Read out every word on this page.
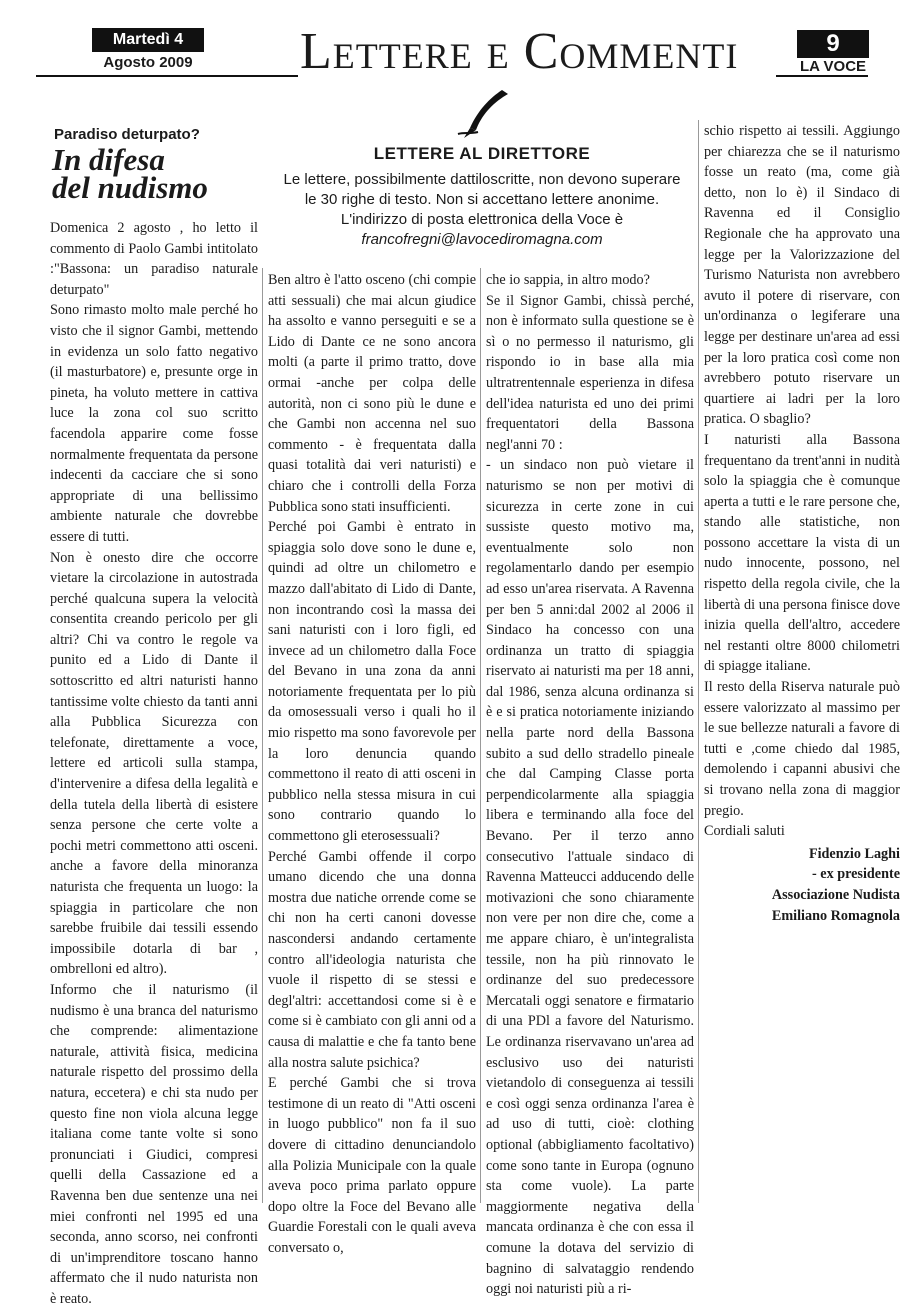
Martedì 4
Agosto 2009 Lettere e Commenti	9
LA VOCE
LETTERE AL DIRETTORE
Le lettere, possibilmente dattiloscritte, non devono superare
le 30 righe di testo. Non si accettano lettere anonime.
L'indirizzo di posta elettronica della Voce è
francofregni@lavocediromagna.com
Paradiso deturpato?
In difesa
del nudismo

Domenica 2 agosto , ho letto il commento di Paolo Gambi intitolato :"Bassona: un paradiso naturale deturpato"

Sono rimasto molto male perché ho visto che il signor Gambi, mettendo in evidenza un solo fatto negativo (il masturbatore) e, presunte orge in pineta, ha voluto mettere in cattiva luce la zona col suo scritto facendola apparire come fosse normalmente frequentata da persone indecenti da cacciare che si sono appropriate di una bellissimo ambiente naturale che dovrebbe essere di tutti.

Non è onesto dire che occorre vietare la circolazione in autostrada perché qualcuna supera la velocità consentita creando pericolo per gli altri? Chi va contro le regole va punito ed a Lido di Dante il sottoscritto ed altri naturisti hanno tantissime volte chiesto da tanti anni alla Pubblica Sicurezza con telefonate, direttamente a voce, lettere ed articoli sulla stampa, d'intervenire a difesa della legalità e della tutela della libertà di esistere senza persone che certe volte a pochi metri commettono atti osceni. anche a favore della minoranza naturista che frequenta un luogo: la spiaggia in particolare che non sarebbe fruibile dai tessili essendo impossibile dotarla di bar , ombrelloni ed altro).

Informo che il naturismo (il nudismo è una branca del naturismo che comprende: alimentazione naturale, attività fisica, medicina naturale rispetto del prossimo della natura, eccetera) e chi sta nudo per questo fine non viola alcuna legge italiana come tante volte si sono pronunciati i Giudici, compresi quelli della Cassazione ed a Ravenna ben due sentenze una nei miei confronti nel 1995 ed una seconda, anno scorso, nei confronti di un'imprenditore toscano hanno affermato che il nudo naturista non è reato.

Ben altro è l'atto osceno (chi compie atti sessuali) che mai alcun giudice ha assolto e vanno perseguiti e se a Lido di Dante ce ne sono ancora molti (a parte il primo tratto, dove ormai -anche per colpa delle autorità, non ci sono più le dune e che Gambi non accenna nel suo commento - è frequentata dalla quasi totalità dai veri naturisti) e chiaro che i controlli della Forza Pubblica sono stati insufficienti.

Perché poi Gambi è entrato in spiaggia solo dove sono le dune e, quindi ad oltre un chilometro e mazzo dall'abitato di Lido di Dante, non incontrando così la massa dei sani naturisti con i loro figli, ed invece ad un chilometro dalla Foce del Bevano in una zona da anni notoriamente frequentata per lo più da omosessuali verso i quali ho il mio rispetto ma sono favorevole per la loro denuncia quando commettono il reato di atti osceni in pubblico nella stessa misura in cui sono contrario quando lo commettono gli eterosessuali?

Perché Gambi offende il corpo umano dicendo che una donna mostra due natiche orrende come se chi non ha certi canoni dovesse nascondersi andando certamente contro all'ideologia naturista che vuole il rispetto di se stessi e degl'altri: accettandosi come si è e come si è cambiato con gli anni od a causa di malattie e che fa tanto bene alla nostra salute psichica?

E perché Gambi che si trova testimone di un reato di "Atti osceni in luogo pubblico" non fa il suo dovere di cittadino denunciandolo alla Polizia Municipale con la quale aveva poco prima parlato oppure dopo oltre la Foce del Bevano alle Guardie Forestali con le quali aveva conversato o,

che io sappia, in altro modo?

Se il Signor Gambi, chissà perché, non è informato sulla questione se è sì o no permesso il naturismo, gli rispondo io in base alla mia ultratrentennale esperienza in difesa dell'idea naturista ed uno dei primi frequentatori della Bassona negl'anni 70 :

- un sindaco non può vietare il naturismo se non per motivi di sicurezza in certe zone in cui sussiste questo motivo ma, eventualmente solo non regolamentarlo dando per esempio ad esso un'area riservata. A Ravenna per ben 5 anni:dal 2002 al 2006 il Sindaco ha concesso con una ordinanza un tratto di spiaggia riservato ai naturisti ma per 18 anni, dal 1986, senza alcuna ordinanza si è e si pratica notoriamente iniziando nella parte nord della Bassona subito a sud dello stradello pineale che dal Camping Classe porta perpendicolarmente alla spiaggia libera e terminando alla foce del Bevano. Per il terzo anno consecutivo l'attuale sindaco di Ravenna Matteucci adducendo delle motivazioni che sono chiaramente non vere per non dire che, come a me appare chiaro, è un'integralista tessile, non ha più rinnovato le ordinanze del suo predecessore Mercatali oggi senatore e firmatario di una PDl a favore del Naturismo. Le ordinanza riservavano un'area ad esclusivo uso dei naturisti vietandolo di conseguenza ai tessili e così oggi senza ordinanza l'area è ad uso di tutti, cioè: clothing optional (abbigliamento facoltativo) come sono tante in Europa (ognuno sta come vuole). La parte maggiormente negativa della mancata ordinanza è che con essa il comune la dotava del servizio di bagnino di salvataggio rendendo oggi noi naturisti più a ri-

schio rispetto ai tessili. Aggiungo per chiarezza che se il naturismo fosse un reato (ma, come già detto, non lo è) il Sindaco di Ravenna ed il Consiglio Regionale che ha approvato una legge per la Valorizzazione del Turismo Naturista non avrebbero avuto il potere di riservare, con un'ordinanza o legiferare una legge per destinare un'area ad essi per la loro pratica così come non avrebbero potuto riservare un quartiere ai ladri per la loro pratica. O sbaglio?

I naturisti alla Bassona frequentano da trent'anni in nudità solo la spiaggia che è comunque aperta a tutti e le rare persone che, stando alle statistiche, non possono accettare la vista di un nudo innocente, possono, nel rispetto della regola civile, che la libertà di una persona finisce dove inizia quella dell'altro, accedere nel restanti oltre 8000 chilometri di spiagge italiane.

Il resto della Riserva naturale può essere valorizzato al massimo per le sue bellezze naturali a favore di tutti e ,come chiedo dal 1985, demolendo i capanni abusivi che si trovano nella zona di maggior pregio.

Cordiali saluti

Fidenzio Laghi
- ex presidente
Associazione Nudista
Emiliano Romagnola
